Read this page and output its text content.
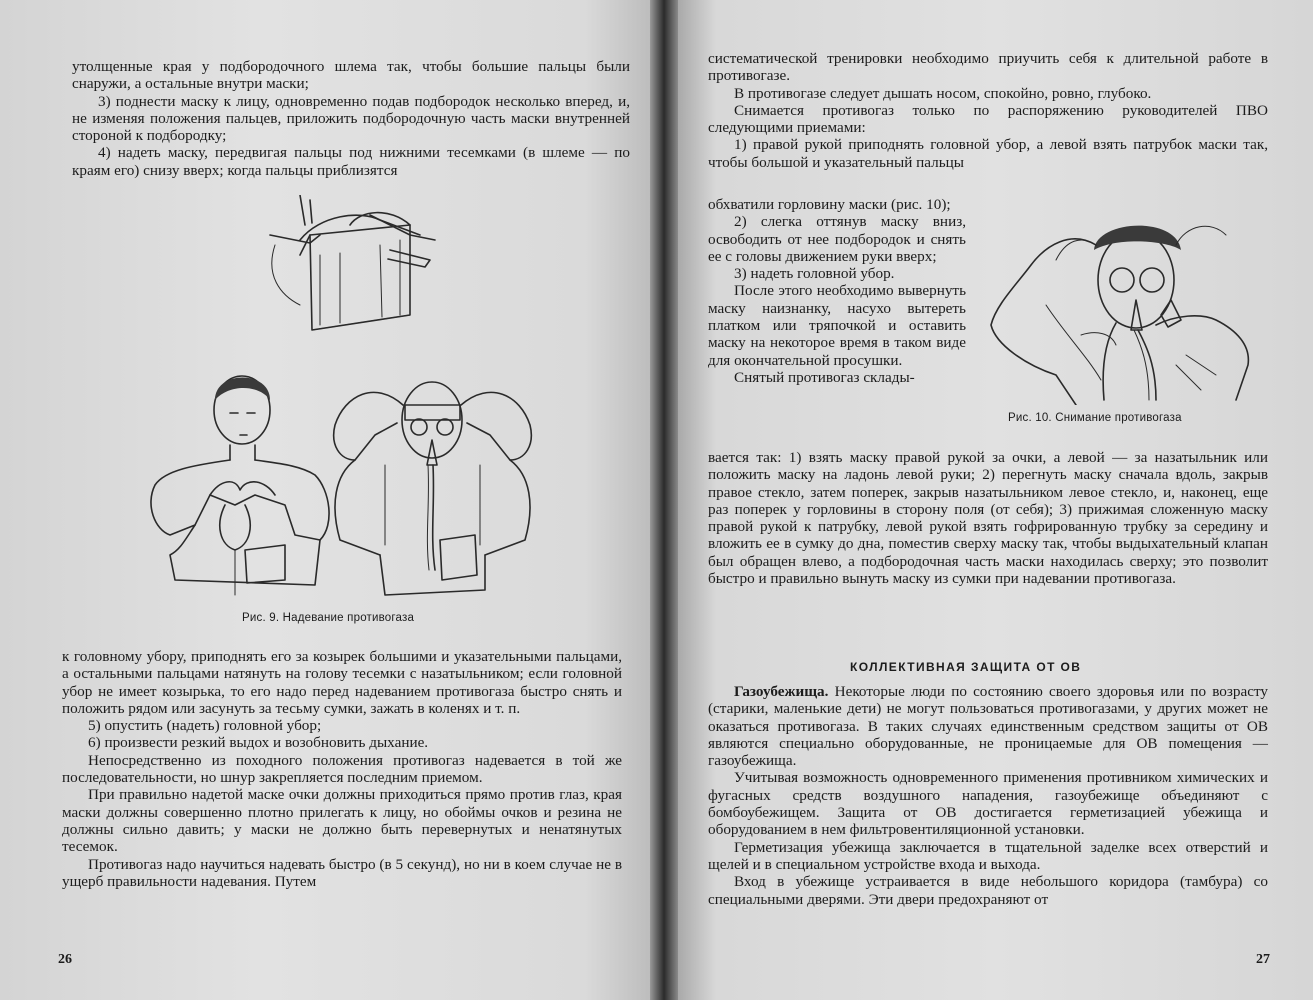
утолщенные края у подбородочного шлема так, чтобы большие пальцы были снаружи, а остальные внутри маски;

3) поднести маску к лицу, одновременно подав подбородок несколько вперед, и, не изменяя положения пальцев, приложить подбородочную часть маски внутренней стороной к подбородку;

4) надеть маску, передвигая пальцы под нижними тесемками (в шлеме — по краям его) снизу вверх; когда пальцы приблизятся

Рис. 9. Надевание противогаза

к головному убору, приподнять его за козырек большими и указательными пальцами, а остальными пальцами натянуть на голову тесемки с назатыльником; если головной убор не имеет козырька, то его надо перед надеванием противогаза быстро снять и положить рядом или засунуть за тесьму сумки, зажать в коленях и т. п.

5) опустить (надеть) головной убор;

6) произвести резкий выдох и возобновить дыхание.

Непосредственно из походного положения противогаз надевается в той же последовательности, но шнур закрепляется последним приемом.

При правильно надетой маске очки должны приходиться прямо против глаз, края маски должны совершенно плотно прилегать к лицу, но обоймы очков и резина не должны сильно давить; у маски не должно быть перевернутых и ненатянутых тесемок.

Противогаз надо научиться надевать быстро (в 5 секунд), но ни в коем случае не в ущерб правильности надевания. Путем

26

систематической тренировки необходимо приучить себя к длительной работе в противогазе.

В противогазе следует дышать носом, спокойно, ровно, глубоко.

Снимается противогаз только по распоряжению руководителей ПВО следующими приемами:

1) правой рукой приподнять головной убор, а левой взять патрубок маски так, чтобы большой и указательный пальцы

обхватили горловину маски (рис. 10);

2) слегка оттянув маску вниз, освободить от нее подбородок и снять ее с головы движением руки вверх;

3) надеть головной убор.

После этого необходимо вывернуть маску наизнанку, насухо вытереть платком или тряпочкой и оставить маску на некоторое время в таком виде для окончательной просушки.

Снятый противогаз склады-

Рис. 10. Снимание противогаза

вается так: 1) взять маску правой рукой за очки, а левой — за назатыльник или положить маску на ладонь левой руки; 2) перегнуть маску сначала вдоль, закрыв правое стекло, затем поперек, закрыв назатыльником левое стекло, и, наконец, еще раз поперек у горловины в сторону поля (от себя); 3) прижимая сложенную маску правой рукой к патрубку, левой рукой взять гофрированную трубку за середину и вложить ее в сумку до дна, поместив сверху маску так, чтобы выдыхательный клапан был обращен влево, а подбородочная часть маски находилась сверху; это позволит быстро и правильно вынуть маску из сумки при надевании противогаза.

КОЛЛЕКТИВНАЯ ЗАЩИТА ОТ ОВ

Газоубежища. Некоторые люди по состоянию своего здоровья или по возрасту (старики, маленькие дети) не могут пользоваться противогазами, у других может не оказаться противогаза. В таких случаях единственным средством защиты от ОВ являются специально оборудованные, не проницаемые для ОВ помещения — газоубежища.

Учитывая возможность одновременного применения противником химических и фугасных средств воздушного нападения, газоубежище объединяют с бомбоубежищем. Защита от ОВ достигается герметизацией убежища и оборудованием в нем фильтровентиляционной установки.

Герметизация убежища заключается в тщательной заделке всех отверстий и щелей и в специальном устройстве входа и выхода.

Вход в убежище устраивается в виде небольшого коридора (тамбура) со специальными дверями. Эти двери предохраняют от

27
